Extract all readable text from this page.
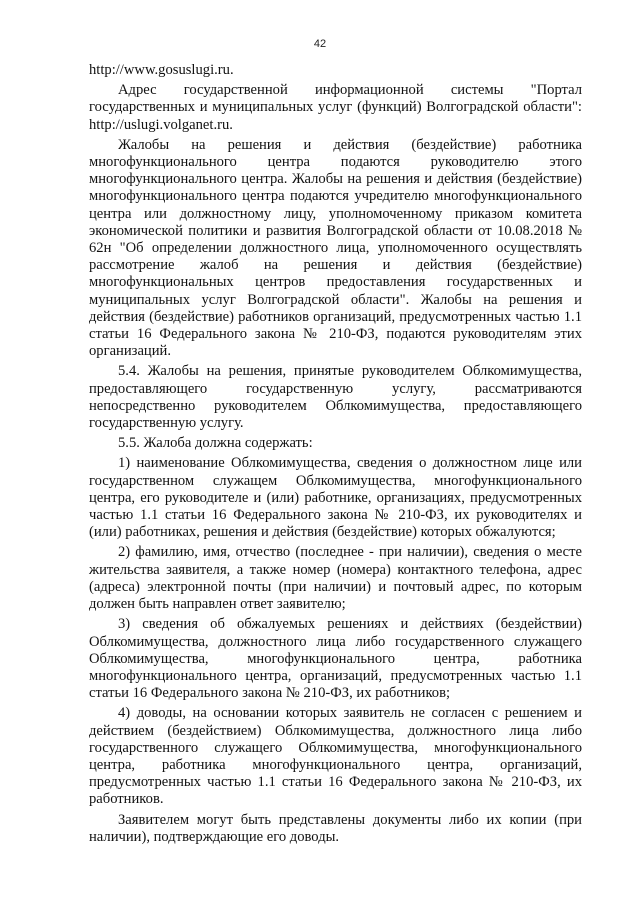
42

http://www.gosuslugi.ru.

Адрес государственной информационной системы "Портал государственных и муниципальных услуг (функций) Волгоградской области": http://uslugi.volganet.ru.

Жалобы на решения и действия (бездействие) работника многофункционального центра подаются руководителю этого многофункционального центра. Жалобы на решения и действия (бездействие) многофункционального центра подаются учредителю многофункционального центра или должностному лицу, уполномоченному приказом комитета экономической политики и развития Волгоградской области от 10.08.2018 № 62н "Об определении должностного лица, уполномоченного осуществлять рассмотрение жалоб на решения и действия (бездействие) многофункциональных центров предоставления государственных и муниципальных услуг Волгоградской области". Жалобы на решения и действия (бездействие) работников организаций, предусмотренных частью 1.1 статьи 16 Федерального закона № 210-ФЗ, подаются руководителям этих организаций.

5.4. Жалобы на решения, принятые руководителем Облкомимущества, предоставляющего государственную услугу, рассматриваются непосредственно руководителем Облкомимущества, предоставляющего государственную услугу.

5.5. Жалоба должна содержать:

1) наименование Облкомимущества, сведения о должностном лице или государственном служащем Облкомимущества, многофункционального центра, его руководителе и (или) работнике, организациях, предусмотренных частью 1.1 статьи 16 Федерального закона № 210-ФЗ, их руководителях и (или) работниках, решения и действия (бездействие) которых обжалуются;

2) фамилию, имя, отчество (последнее - при наличии), сведения о месте жительства заявителя, а также номер (номера) контактного телефона, адрес (адреса) электронной почты (при наличии) и почтовый адрес, по которым должен быть направлен ответ заявителю;

3) сведения об обжалуемых решениях и действиях (бездействии) Облкомимущества, должностного лица либо государственного служащего Облкомимущества, многофункционального центра, работника многофункционального центра, организаций, предусмотренных частью 1.1 статьи 16 Федерального закона № 210-ФЗ, их работников;

4) доводы, на основании которых заявитель не согласен с решением и действием (бездействием) Облкомимущества, должностного лица либо государственного служащего Облкомимущества, многофункционального центра, работника многофункционального центра, организаций, предусмотренных частью 1.1 статьи 16 Федерального закона № 210-ФЗ, их работников.

Заявителем могут быть представлены документы либо их копии (при наличии), подтверждающие его доводы.
